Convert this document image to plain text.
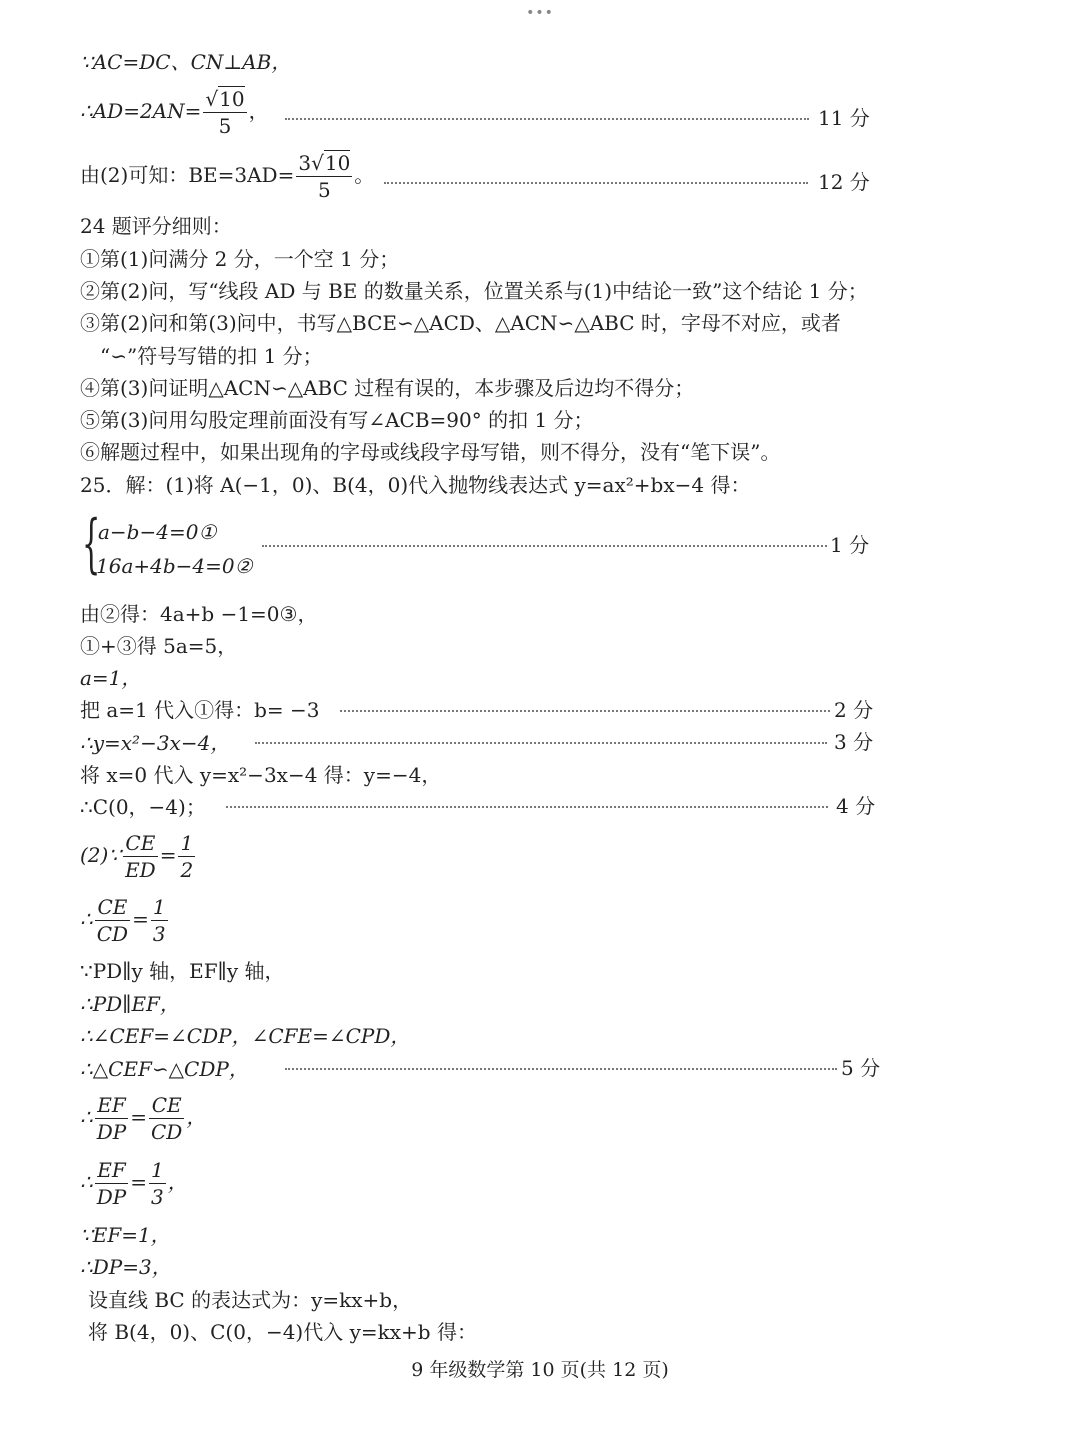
•••
∵AC=DC、CN⊥AB，
∴AD=2AN= $\frac{√10}{5}$ ，	11 分
由(2)可知：$BE=3AD= \frac{3√10}{5}$ 。	12 分
24 题评分细则：
①第(1)问满分 2 分，一个空 1 分；
②第(2)问，写“线段 AD 与 BE 的数量关系，位置关系与(1)中结论一致”这个结论 1 分；
③第(2)问和第(3)问中，书写△BCE∽△ACD、△ACN∽△ABC 时，字母不对应，或者
“∽”符号写错的扣 1 分；
④第(3)问证明△ACN∽△ABC 过程有误的，本步骤及后边均不得分；
⑤第(3)问用勾股定理前面没有写∠ACB=90° 的扣 1 分；
⑥解题过程中，如果出现角的字母或线段字母写错，则不得分，没有“笔下误”。
25．解：(1)将 A(−1，0)、B(4，0)代入抛物线表达式 y=ax²+bx−4 得：
{
a−b−4=0①
16a+4b−4=0②
1 分
由②得：4a+b −1=0③，
①+③得 5a=5，
a=1，
把 a=1 代入①得：b= −3	2 分
∴y=x²−3x−4，	3 分
将 x=0 代入 y=x²−3x−4 得：y=−4，
∴C(0，−4)；	4 分
(2)∵ $\frac{CE}{ED} = \frac{1}{2}$
∴ $\frac{CE}{CD} = \frac{1}{3}$
∵PD∥y 轴，EF∥y 轴，
∴PD∥EF，
∴∠CEF=∠CDP，∠CFE=∠CPD，
∴△CEF∽△CDP，	5 分
∴ $\frac{EF}{DP} = \frac{CE}{CD}$ ，
∴ $\frac{EF}{DP} = \frac{1}{3}$ ，
∵EF=1，
∴DP=3，
设直线 BC 的表达式为：y=kx+b，
将 B(4，0)、C(0，−4)代入 y=kx+b 得：
9 年级数学第 10 页(共 12 页)
